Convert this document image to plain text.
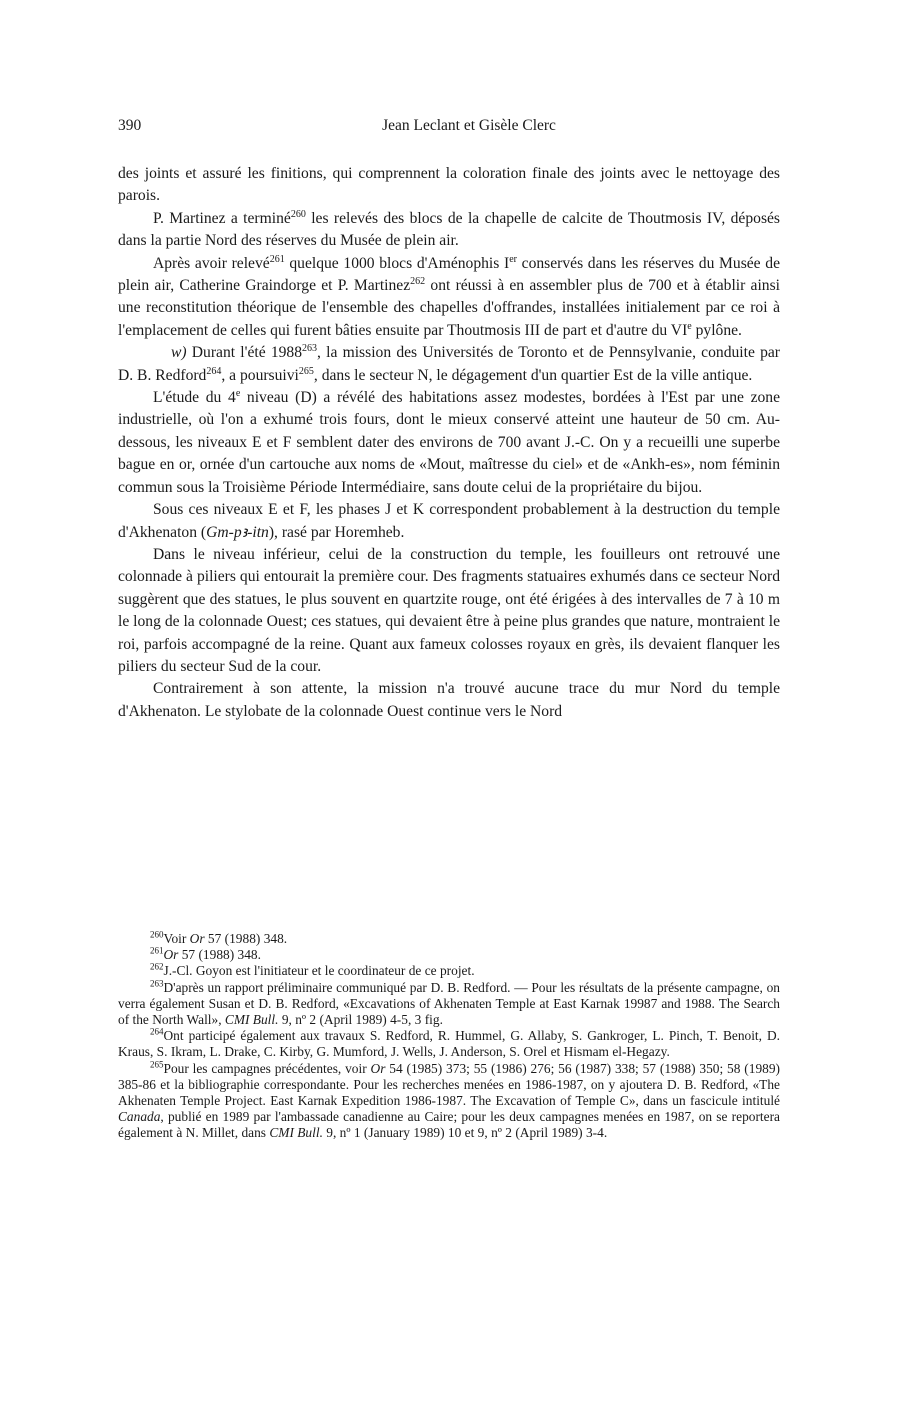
390	Jean Leclant et Gisèle Clerc

des joints et assuré les finitions, qui comprennent la coloration finale des joints avec le nettoyage des parois.

P. Martinez a terminé$^{260}$ les relevés des blocs de la chapelle de calcite de Thoutmosis IV, déposés dans la partie Nord des réserves du Musée de plein air.

Après avoir relevé$^{261}$ quelque 1000 blocs d'Aménophis Ier conservés dans les réserves du Musée de plein air, Catherine Graindorge et P. Martinez$^{262}$ ont réussi à en assembler plus de 700 et à établir ainsi une reconstitution théorique de l'ensemble des chapelles d'offrandes, installées initialement par ce roi à l'emplacement de celles qui furent bâties ensuite par Thoutmosis III de part et d'autre du VIe pylône.

w) Durant l'été 1988$^{263}$, la mission des Universités de Toronto et de Pennsylvanie, conduite par D. B. Redford$^{264}$, a poursuivi$^{265}$, dans le secteur N, le dégagement d'un quartier Est de la ville antique.

L'étude du 4e niveau (D) a révélé des habitations assez modestes, bordées à l'Est par une zone industrielle, où l'on a exhumé trois fours, dont le mieux conservé atteint une hauteur de 50 cm. Au-dessous, les niveaux E et F semblent dater des environs de 700 avant J.-C. On y a recueilli une superbe bague en or, ornée d'un cartouche aux noms de «Mout, maîtresse du ciel» et de «Ankh-es», nom féminin commun sous la Troisième Période Intermédiaire, sans doute celui de la propriétaire du bijou.

Sous ces niveaux E et F, les phases J et K correspondent probablement à la destruction du temple d'Akhenaton (Gm-pꜣ-itn), rasé par Horemheb.

Dans le niveau inférieur, celui de la construction du temple, les fouilleurs ont retrouvé une colonnade à piliers qui entourait la première cour. Des fragments statuaires exhumés dans ce secteur Nord suggèrent que des statues, le plus souvent en quartzite rouge, ont été érigées à des intervalles de 7 à 10 m le long de la colonnade Ouest; ces statues, qui devaient être à peine plus grandes que nature, montraient le roi, parfois accompagné de la reine. Quant aux fameux colosses royaux en grès, ils devaient flanquer les piliers du secteur Sud de la cour.

Contrairement à son attente, la mission n'a trouvé aucune trace du mur Nord du temple d'Akhenaton. Le stylobate de la colonnade Ouest continue vers le Nord

$^{260}$Voir Or 57 (1988) 348.

$^{261}$Or 57 (1988) 348.

$^{262}$J.-Cl. Goyon est l'initiateur et le coordinateur de ce projet.

$^{263}$D'après un rapport préliminaire communiqué par D. B. Redford. — Pour les résultats de la présente campagne, on verra également Susan et D. B. Redford, «Excavations of Akhenaten Temple at East Karnak 19987 and 1988. The Search of the North Wall», CMI Bull. 9, nº 2 (April 1989) 4-5, 3 fig.

$^{264}$Ont participé également aux travaux S. Redford, R. Hummel, G. Allaby, S. Gankroger, L. Pinch, T. Benoit, D. Kraus, S. Ikram, L. Drake, C. Kirby, G. Mumford, J. Wells, J. Anderson, S. Orel et Hismam el-Hegazy.

$^{265}$Pour les campagnes précédentes, voir Or 54 (1985) 373; 55 (1986) 276; 56 (1987) 338; 57 (1988) 350; 58 (1989) 385-86 et la bibliographie correspondante. Pour les recherches menées en 1986-1987, on y ajoutera D. B. Redford, «The Akhenaten Temple Project. East Karnak Expedition 1986-1987. The Excavation of Temple C», dans un fascicule intitulé Canada, publié en 1989 par l'ambassade canadienne au Caire; pour les deux campagnes menées en 1987, on se reportera également à N. Millet, dans CMI Bull. 9, nº 1 (January 1989) 10 et 9, nº 2 (April 1989) 3-4.
